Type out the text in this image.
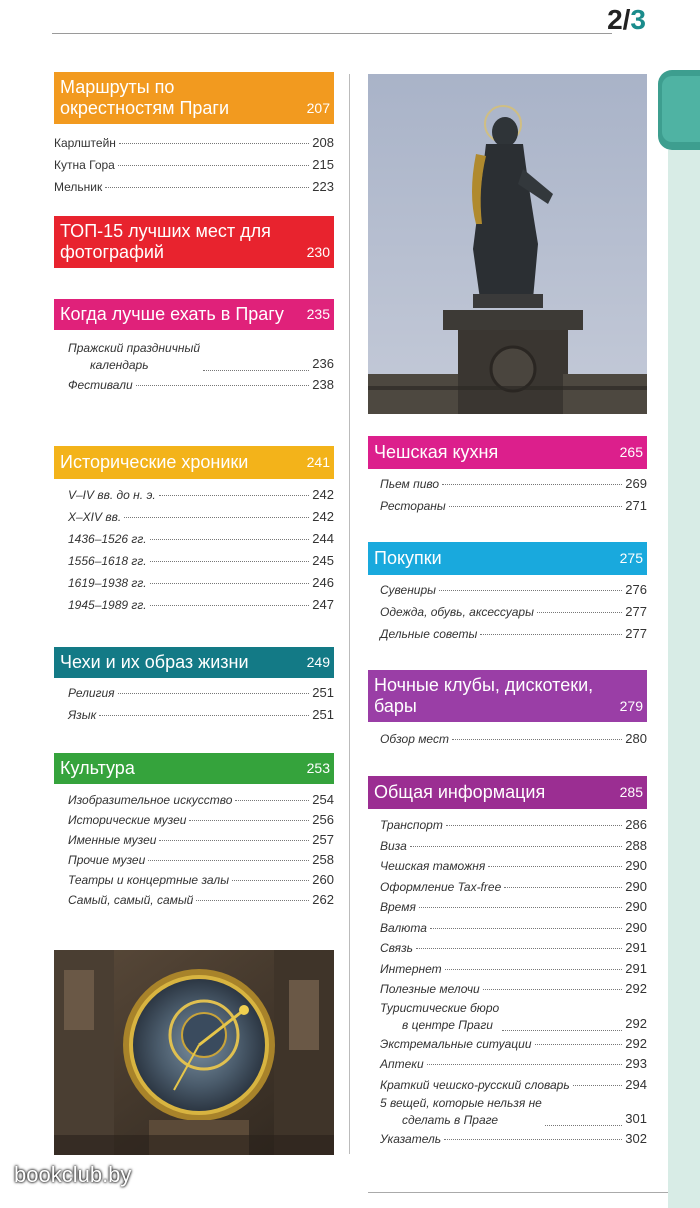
2/3
Маршруты по окрестностям Праги	207
Карлштейн	208
Кутна Гора	215
Мельник	223
ТОП-15 лучших мест для фотографий	230
Когда лучше ехать в Прагу	235
Пражский праздничный
календарь	236
Фестивали	238
Исторические хроники	241
V–IV вв. до н. э.	242
X–XIV вв.	242
1436–1526 гг.	244
1556–1618 гг.	245
1619–1938 гг.	246
1945–1989 гг.	247
Чехи и их образ жизни	249
Религия	251
Язык	251
Культура	253
Изобразительное искусство	254
Исторические музеи	256
Именные музеи	257
Прочие музеи	258
Театры и концертные залы	260
Самый, самый, самый	262
Чешская кухня	265
Пьем пиво	269
Рестораны	271
Покупки	275
Сувениры	276
Одежда, обувь, аксессуары	277
Дельные советы	277
Ночные клубы, дискотеки, бары	279
Обзор мест	280
Общая информация	285
Транспорт	286
Виза	288
Чешская таможня	290
Оформление Tax-free	290
Время	290
Валюта	290
Связь	291
Интернет	291
Полезные мелочи	292
Туристические бюро
в центре Праги	292
Экстремальные ситуации	292
Аптеки	293
Краткий чешско-русский словарь	294
5 вещей, которые нельзя не
сделать в Праге	301
Указатель	302
bookclub.by
